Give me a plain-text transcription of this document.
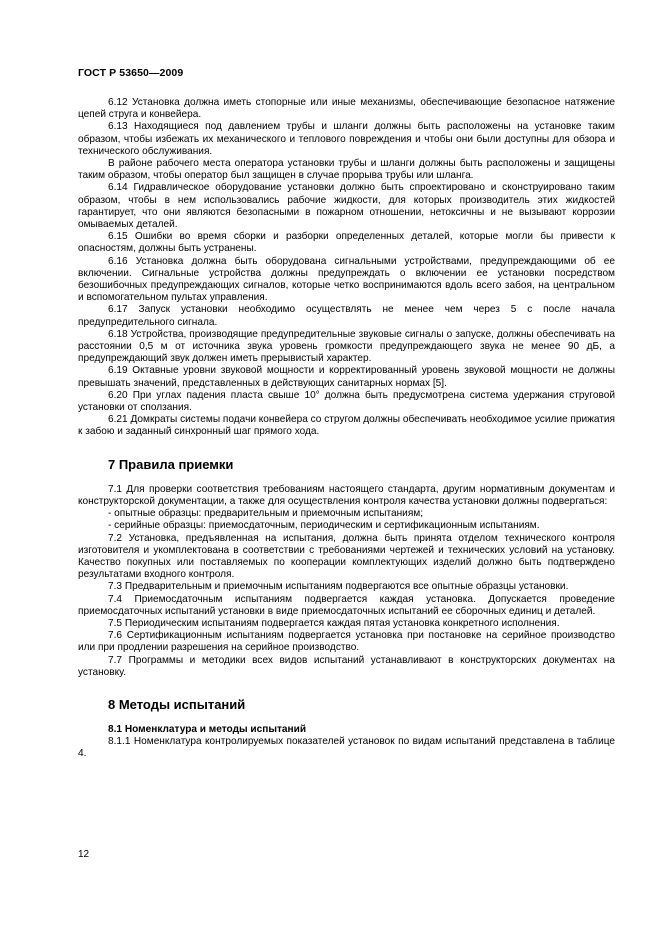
ГОСТ Р 53650—2009

6.12 Установка должна иметь стопорные или иные механизмы, обеспечивающие безопасное натяжение цепей струга и конвейера.

6.13 Находящиеся под давлением трубы и шланги должны быть расположены на установке таким образом, чтобы избежать их механического и теплового повреждения и чтобы они были доступны для обзора и технического обслуживания.

В районе рабочего места оператора установки трубы и шланги должны быть расположены и защищены таким образом, чтобы оператор был защищен в случае прорыва трубы или шланга.

6.14 Гидравлическое оборудование установки должно быть спроектировано и сконструировано таким образом, чтобы в нем использовались рабочие жидкости, для которых производитель этих жидкостей гарантирует, что они являются безопасными в пожарном отношении, нетоксичны и не вызывают коррозии омываемых деталей.

6.15 Ошибки во время сборки и разборки определенных деталей, которые могли бы привести к опасностям, должны быть устранены.

6.16 Установка должна быть оборудована сигнальными устройствами, предупреждающими об ее включении. Сигнальные устройства должны предупреждать о включении ее установки посредством безошибочных предупреждающих сигналов, которые четко воспринимаются вдоль всего забоя, на центральном и вспомогательном пультах управления.

6.17 Запуск установки необходимо осуществлять не менее чем через 5 с после начала предупредительного сигнала.

6.18 Устройства, производящие предупредительные звуковые сигналы о запуске, должны обеспечивать на расстоянии 0,5 м от источника звука уровень громкости предупреждающего звука не менее 90 дБ, а предупреждающий звук должен иметь прерывистый характер.

6.19 Октавные уровни звуковой мощности и корректированный уровень звуковой мощности не должны превышать значений, представленных в действующих санитарных нормах [5].

6.20 При углах падения пласта свыше 10° должна быть предусмотрена система удержания струговой установки от сползания.

6.21 Домкраты системы подачи конвейера со стругом должны обеспечивать необходимое усилие прижатия к забою и заданный синхронный шаг прямого хода.

7 Правила приемки

7.1 Для проверки соответствия требованиям настоящего стандарта, другим нормативным документам и конструкторской документации, а также для осуществления контроля качества установки должны подвергаться:

- опытные образцы: предварительным и приемочным испытаниям;

- серийные образцы: приемосдаточным, периодическим и сертификационным испытаниям.

7.2 Установка, предъявленная на испытания, должна быть принята отделом технического контроля изготовителя и укомплектована в соответствии с требованиями чертежей и технических условий на установку. Качество покупных или поставляемых по кооперации комплектующих изделий должно быть подтверждено результатами входного контроля.

7.3 Предварительным и приемочным испытаниям подвергаются все опытные образцы установки.

7.4 Приемосдаточным испытаниям подвергается каждая установка. Допускается проведение приемосдаточных испытаний установки в виде приемосдаточных испытаний ее сборочных единиц и деталей.

7.5 Периодическим испытаниям подвергается каждая пятая установка конкретного исполнения.

7.6 Сертификационным испытаниям подвергается установка при постановке на серийное производство или при продлении разрешения на серийное производство.

7.7 Программы и методики всех видов испытаний устанавливают в конструкторских документах на установку.

8 Методы испытаний

8.1 Номенклатура и методы испытаний

8.1.1 Номенклатура контролируемых показателей установок по видам испытаний представлена в таблице 4.

12
